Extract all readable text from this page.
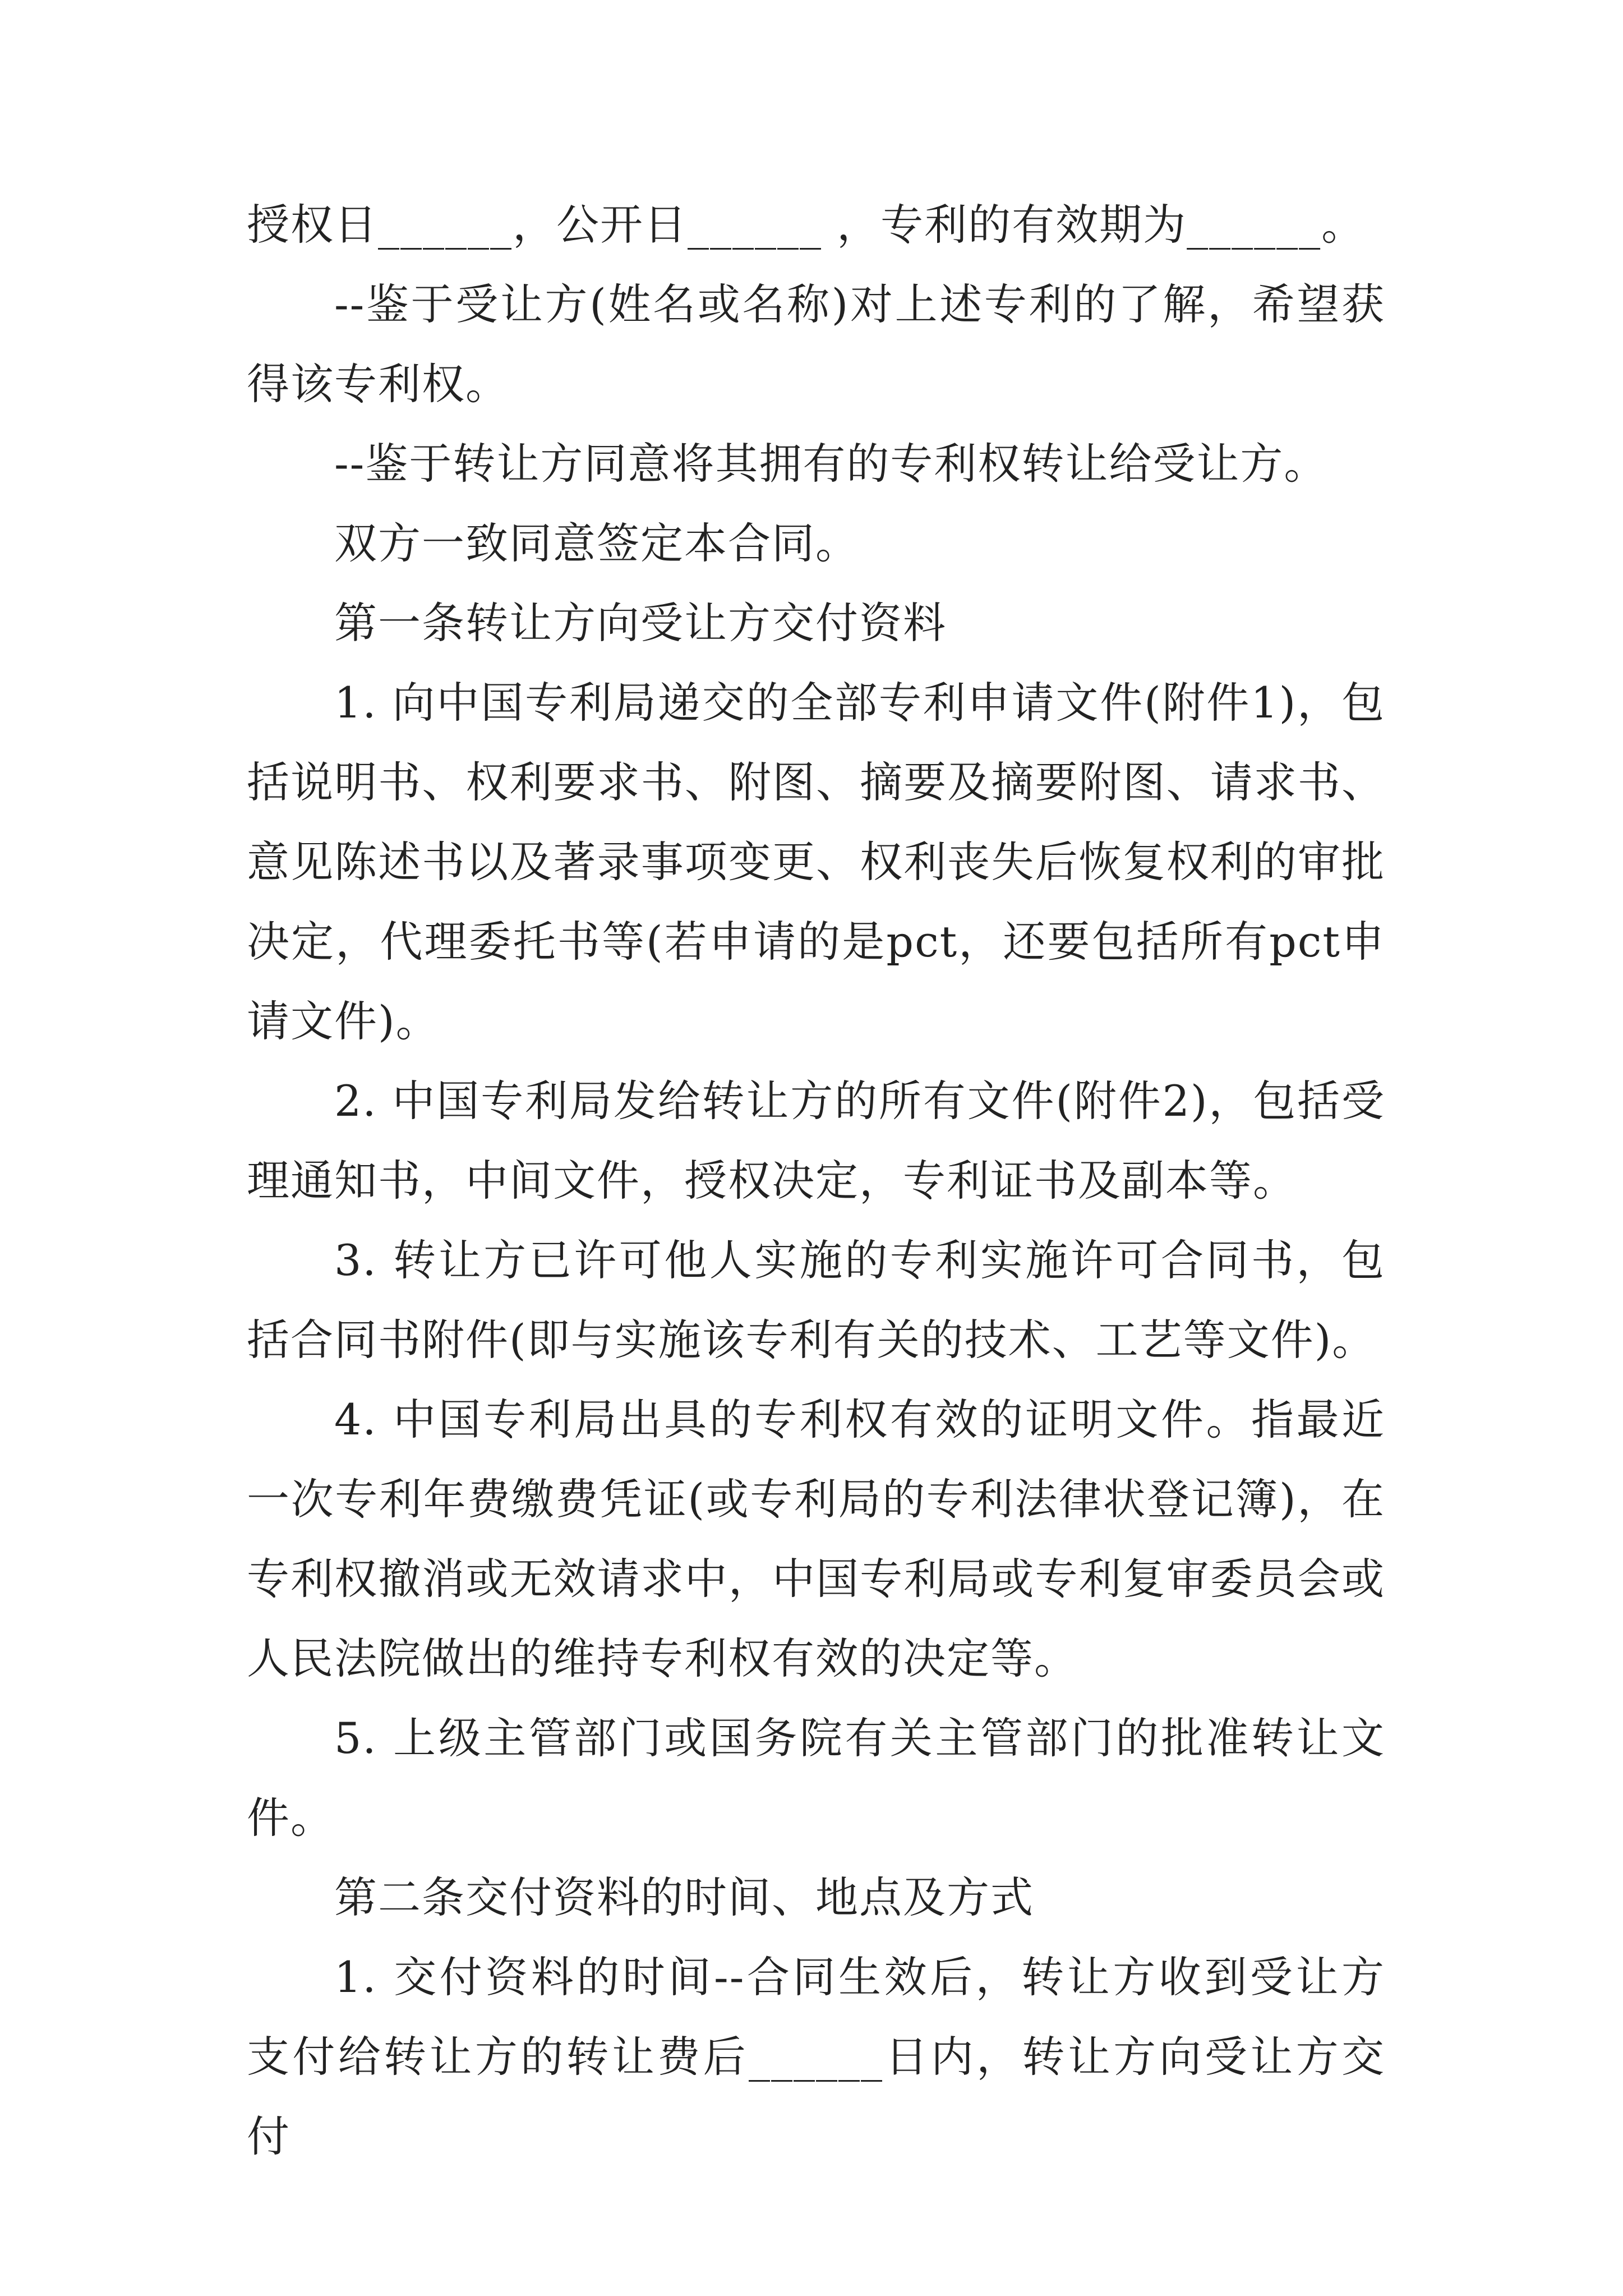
授权日______，公开日______ ，专利的有效期为______。

--鉴于受让方(姓名或名称)对上述专利的了解，希望获得该专利权。

--鉴于转让方同意将其拥有的专利权转让给受让方。

双方一致同意签定本合同。

第一条转让方向受让方交付资料

1. 向中国专利局递交的全部专利申请文件(附件1)，包括说明书、权利要求书、附图、摘要及摘要附图、请求书、意见陈述书以及著录事项变更、权利丧失后恢复权利的审批决定，代理委托书等(若申请的是pct，还要包括所有pct申请文件)。

2. 中国专利局发给转让方的所有文件(附件2)，包括受理通知书，中间文件，授权决定，专利证书及副本等。

3. 转让方已许可他人实施的专利实施许可合同书，包括合同书附件(即与实施该专利有关的技术、工艺等文件)。

4. 中国专利局出具的专利权有效的证明文件。指最近一次专利年费缴费凭证(或专利局的专利法律状登记簿)，在专利权撤消或无效请求中，中国专利局或专利复审委员会或人民法院做出的维持专利权有效的决定等。

5. 上级主管部门或国务院有关主管部门的批准转让文件。

第二条交付资料的时间、地点及方式

1. 交付资料的时间--合同生效后，转让方收到受让方支付给转让方的转让费后______日内，转让方向受让方交付
